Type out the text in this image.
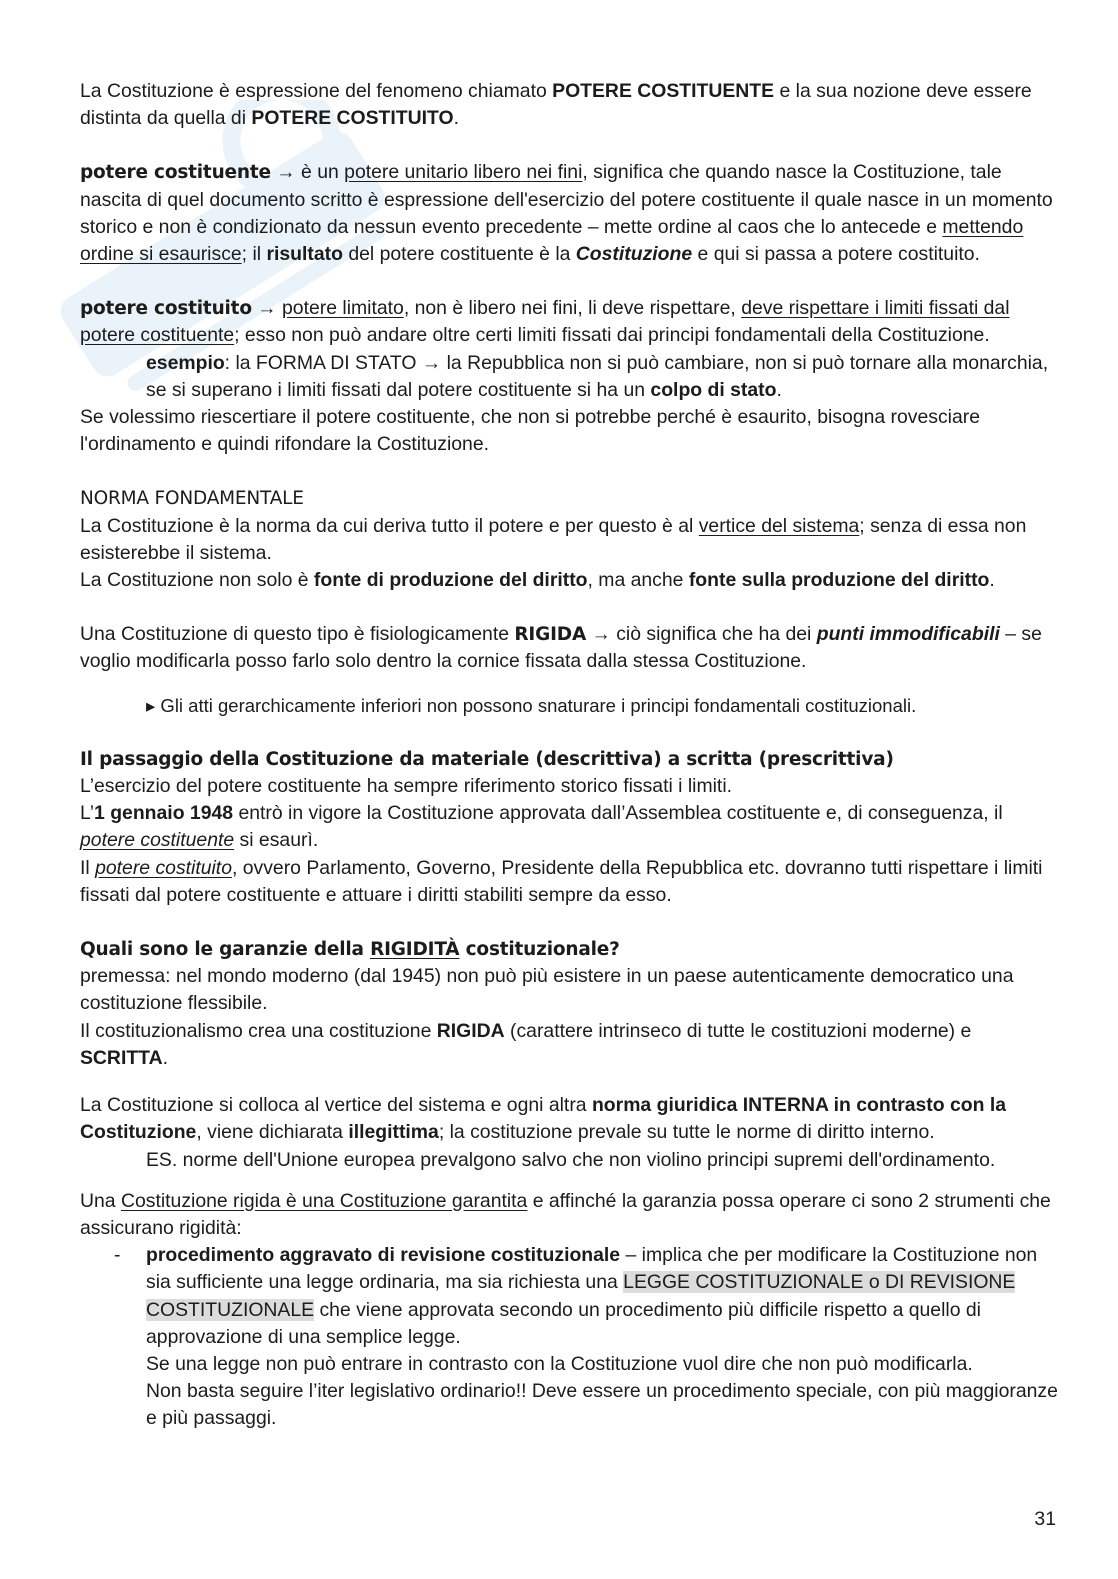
La Costituzione è espressione del fenomeno chiamato POTERE COSTITUENTE e la sua nozione deve essere distinta da quella di POTERE COSTITUITO.

potere costituente → è un potere unitario libero nei fini, significa che quando nasce la Costituzione, tale nascita di quel documento scritto è espressione dell'esercizio del potere costituente il quale nasce in un momento storico e non è condizionato da nessun evento precedente – mette ordine al caos che lo antecede e mettendo ordine si esaurisce; il risultato del potere costituente è la Costituzione e qui si passa a potere costituito.

potere costituito → potere limitato, non è libero nei fini, li deve rispettare, deve rispettare i limiti fissati dal potere costituente; esso non può andare oltre certi limiti fissati dai principi fondamentali della Costituzione.

esempio: la FORMA DI STATO → la Repubblica non si può cambiare, non si può tornare alla monarchia, se si superano i limiti fissati dal potere costituente si ha un colpo di stato.

Se volessimo riescertiare il potere costituente, che non si potrebbe perché è esaurito, bisogna rovesciare l'ordinamento e quindi rifondare la Costituzione.

NORMA FONDAMENTALE

La Costituzione è la norma da cui deriva tutto il potere e per questo è al vertice del sistema; senza di essa non esisterebbe il sistema.

La Costituzione non solo è fonte di produzione del diritto, ma anche fonte sulla produzione del diritto.

Una Costituzione di questo tipo è fisiologicamente RIGIDA → ciò significa che ha dei punti immodificabili – se voglio modificarla posso farlo solo dentro la cornice fissata dalla stessa Costituzione.

▸ Gli atti gerarchicamente inferiori non possono snaturare i principi fondamentali costituzionali.

Il passaggio della Costituzione da materiale (descrittiva) a scritta (prescrittiva)

L’esercizio del potere costituente ha sempre riferimento storico fissati i limiti.

L’1 gennaio 1948 entrò in vigore la Costituzione approvata dall’Assemblea costituente e, di conseguenza, il potere costituente si esaurì.

Il potere costituito, ovvero Parlamento, Governo, Presidente della Repubblica etc. dovranno tutti rispettare i limiti fissati dal potere costituente e attuare i diritti stabiliti sempre da esso.

Quali sono le garanzie della RIGIDITÀ costituzionale?

premessa: nel mondo moderno (dal 1945) non può più esistere in un paese autenticamente democratico una costituzione flessibile.

Il costituzionalismo crea una costituzione RIGIDA (carattere intrinseco di tutte le costituzioni moderne) e SCRITTA.

La Costituzione si colloca al vertice del sistema e ogni altra norma giuridica INTERNA in contrasto con la Costituzione, viene dichiarata illegittima; la costituzione prevale su tutte le norme di diritto interno.

ES. norme dell'Unione europea prevalgono salvo che non violino principi supremi dell'ordinamento.

Una Costituzione rigida è una Costituzione garantita e affinché la garanzia possa operare ci sono 2 strumenti che assicurano rigidità:

- procedimento aggravato di revisione costituzionale – implica che per modificare la Costituzione non sia sufficiente una legge ordinaria, ma sia richiesta una LEGGE COSTITUZIONALE o DI REVISIONE COSTITUZIONALE che viene approvata secondo un procedimento più difficile rispetto a quello di approvazione di una semplice legge.

Se una legge non può entrare in contrasto con la Costituzione vuol dire che non può modificarla.

Non basta seguire l’iter legislativo ordinario!! Deve essere un procedimento speciale, con più maggioranze e più passaggi.

31
